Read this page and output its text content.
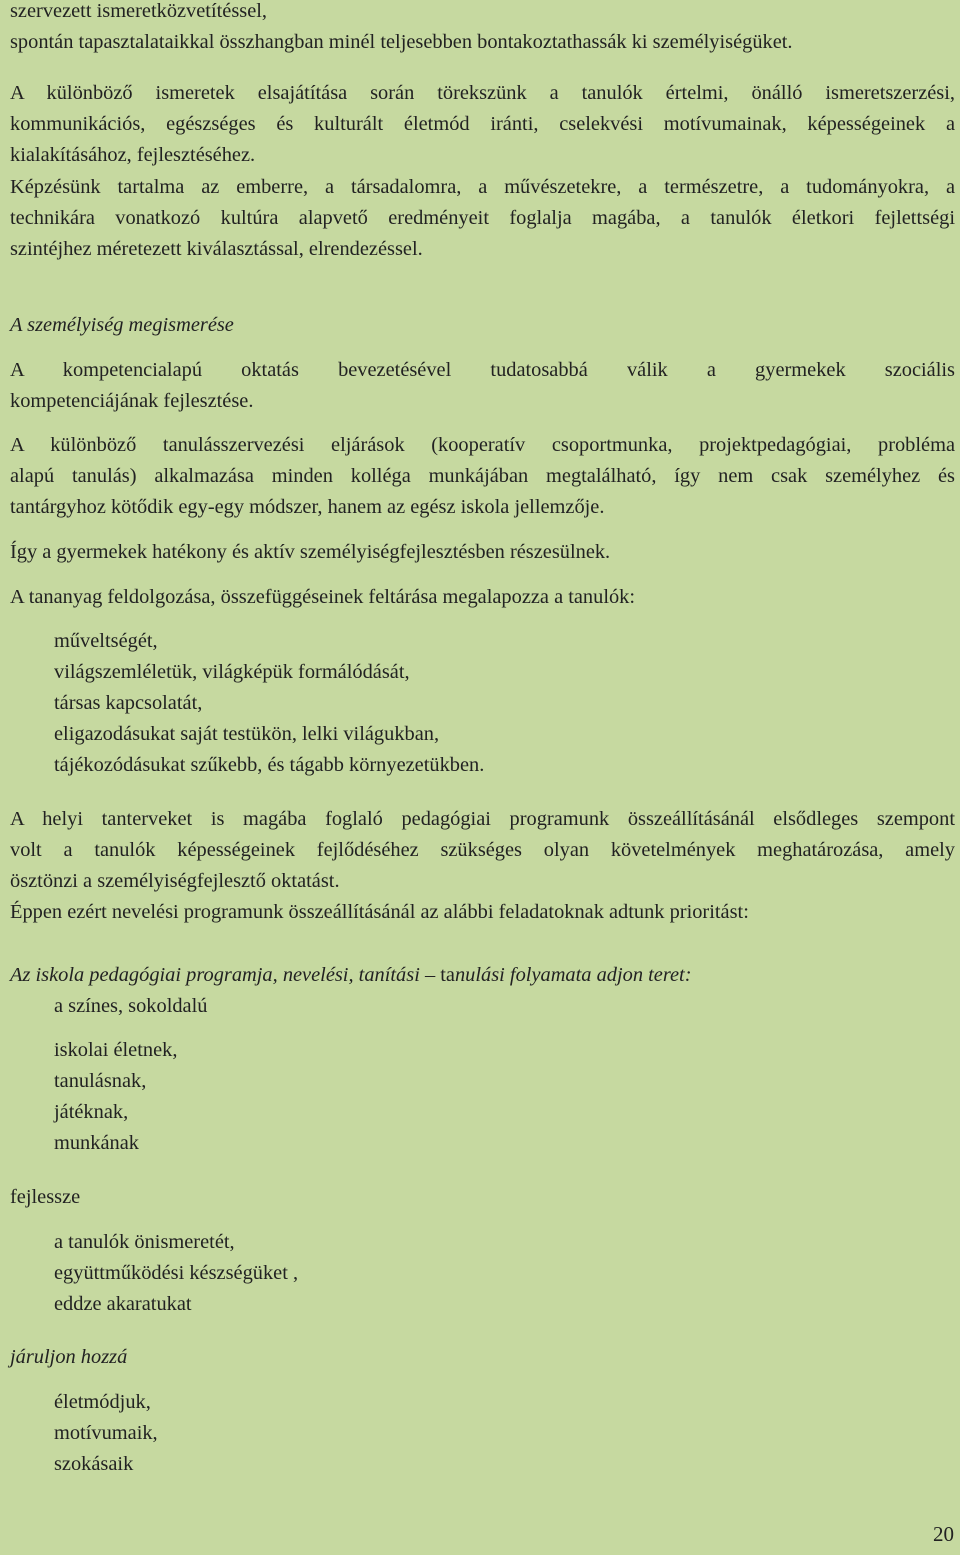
szervezett ismeretközvetítéssel,
spontán tapasztalataikkal összhangban minél teljesebben bontakoztathassák ki személyiségüket.
A különböző ismeretek elsajátítása során törekszünk a tanulók értelmi, önálló ismeretszerzési,
kommunikációs, egészséges és kulturált életmód iránti, cselekvési motívumainak, képességeinek a
kialakításához, fejlesztéséhez.
Képzésünk tartalma az emberre, a társadalomra, a művészetekre, a természetre, a tudományokra, a
technikára vonatkozó kultúra alapvető eredményeit foglalja magába, a tanulók életkori fejlettségi
szintéjhez méretezett kiválasztással, elrendezéssel.
A személyiség megismerése
A kompetencialapú oktatás bevezetésével tudatosabbá válik a gyermekek szociális
kompetenciájának fejlesztése.
A különböző tanulásszervezési eljárások (kooperatív csoportmunka, projektpedagógiai, probléma
alapú tanulás) alkalmazása minden kolléga munkájában megtalálható, így nem csak személyhez és
tantárgyhoz kötődik egy-egy módszer, hanem az egész iskola jellemzője.
Így a gyermekek hatékony és aktív személyiségfejlesztésben részesülnek.
A tananyag feldolgozása, összefüggéseinek feltárása megalapozza a tanulók:
műveltségét,
világszemléletük, világképük formálódását,
társas kapcsolatát,
eligazodásukat saját testükön, lelki világukban,
tájékozódásukat szűkebb, és tágabb környezetükben.
A helyi tanterveket is magába foglaló pedagógiai programunk összeállításánál elsődleges szempont
volt a tanulók képességeinek fejlődéséhez szükséges olyan követelmények meghatározása, amely
ösztönzi a személyiségfejlesztő oktatást.
Éppen ezért nevelési programunk összeállításánál az alábbi feladatoknak adtunk prioritást:
Az iskola pedagógiai programja, nevelési, tanítási – tanulási folyamata adjon teret:
a színes, sokoldalú
iskolai életnek,
tanulásnak,
játéknak,
munkának
fejlessze
a tanulók önismeretét,
együttműködési készségüket ,
eddze akaratukat
járuljon hozzá
életmódjuk,
motívumaik,
szokásaik
20
